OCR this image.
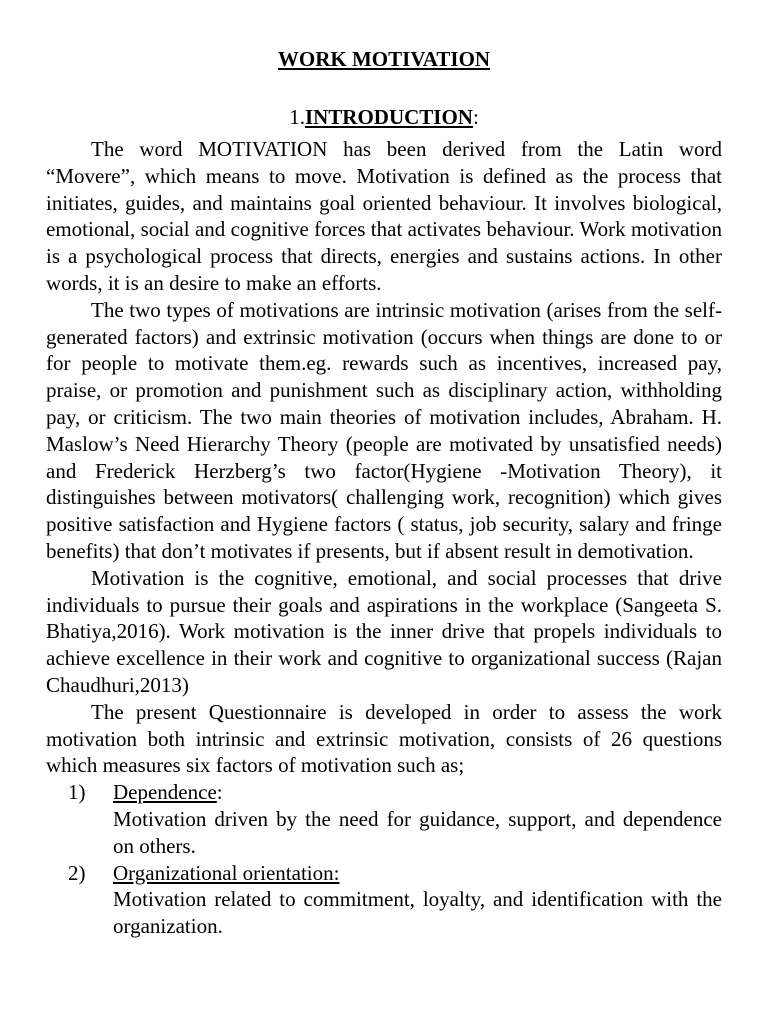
WORK MOTIVATION
1.INTRODUCTION:

The word MOTIVATION has been derived from the Latin word “Movere”, which means to move. Motivation is defined as the process that initiates, guides, and maintains goal oriented behaviour. It involves biological, emotional, social and cognitive forces that activates behaviour. Work motivation is a psychological process that directs, energies and sustains actions. In other words, it is an desire to make an efforts.

The two types of motivations are intrinsic motivation (arises from the self-generated factors) and extrinsic motivation (occurs when things are done to or for people to motivate them.eg. rewards such as incentives, increased pay, praise, or promotion and punishment such as disciplinary action, withholding pay, or criticism. The two main theories of motivation includes, Abraham. H. Maslow’s Need Hierarchy Theory (people are motivated by unsatisfied needs) and Frederick Herzberg’s two factor(Hygiene -Motivation Theory), it distinguishes between motivators( challenging work, recognition) which gives positive satisfaction and Hygiene factors ( status, job security, salary and fringe benefits) that don’t motivates if presents, but if absent result in demotivation.

Motivation is the cognitive, emotional, and social processes that drive individuals to pursue their goals and aspirations in the workplace (Sangeeta S. Bhatiya,2016). Work motivation is the inner drive that propels individuals to achieve excellence in their work and cognitive to organizational success (Rajan Chaudhuri,2013)

The present Questionnaire is developed in order to assess the work motivation both intrinsic and extrinsic motivation, consists of 26 questions which measures six factors of motivation such as;

1) Dependence:
Motivation driven by the need for guidance, support, and dependence on others.
2) Organizational orientation:
Motivation related to commitment, loyalty, and identification with the organization.
